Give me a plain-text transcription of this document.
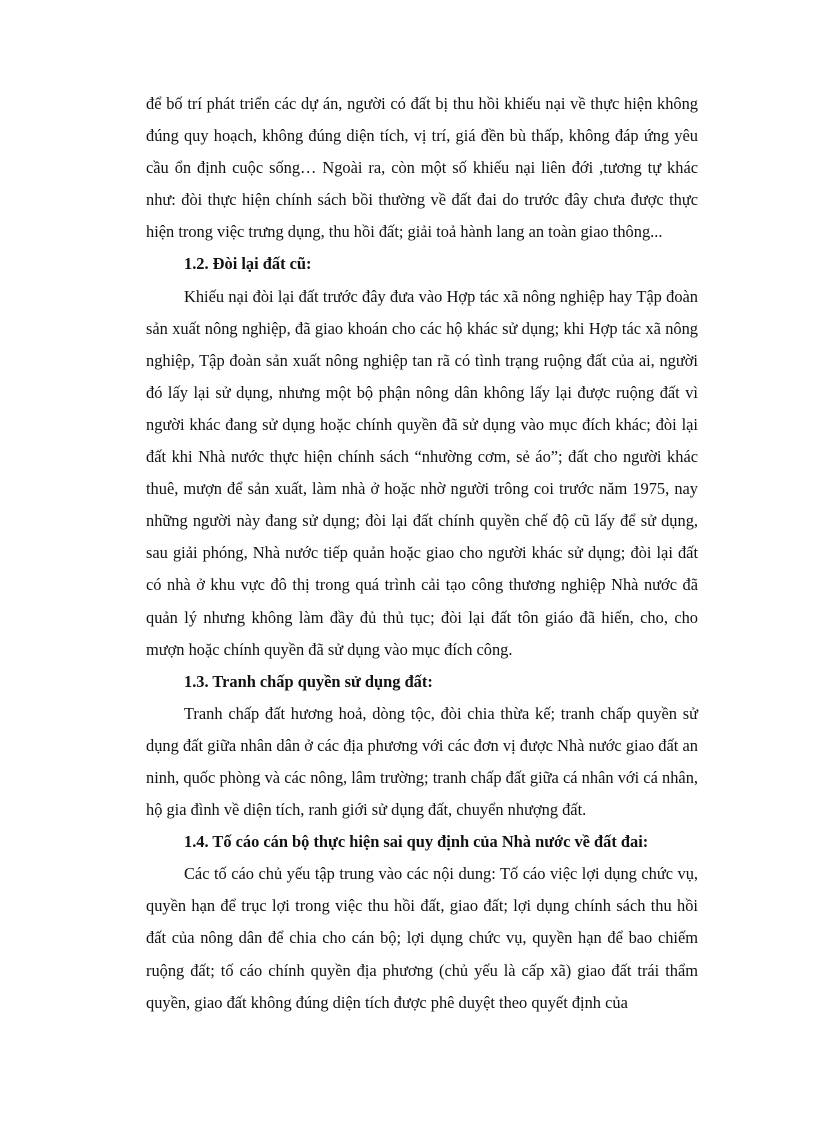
để bố trí phát triển các dự án, người có đất bị thu hồi khiếu nại về thực hiện không đúng quy hoạch, không đúng diện tích, vị trí, giá đền bù thấp, không đáp ứng yêu cầu ổn định cuộc sống… Ngoài ra, còn một số khiếu nại liên đới ,tương tự khác như: đòi thực hiện chính sách bồi thường về đất đai do trước đây chưa được thực hiện trong việc trưng dụng, thu hồi đất; giải toả hành lang an toàn giao thông...

1.2. Đòi lại đất cũ:

Khiếu nại đòi lại đất trước đây đưa vào Hợp tác xã nông nghiệp hay Tập đoàn sản xuất nông nghiệp, đã giao khoán cho các hộ khác sử dụng; khi Hợp tác xã nông nghiệp, Tập đoàn sản xuất nông nghiệp tan rã có tình trạng ruộng đất của ai, người đó lấy lại sử dụng, nhưng một bộ phận nông dân không lấy lại được ruộng đất vì người khác đang sử dụng hoặc chính quyền đã sử dụng vào mục đích khác; đòi lại đất khi Nhà nước thực hiện chính sách “nhường cơm, sẻ áo”; đất cho người khác thuê, mượn để sản xuất, làm nhà ở hoặc nhờ người trông coi trước năm 1975, nay những người này đang sử dụng; đòi lại đất chính quyền chế độ cũ lấy để sử dụng, sau giải phóng, Nhà nước tiếp quản hoặc giao cho người khác sử dụng; đòi lại đất có nhà ở khu vực đô thị trong quá trình cải tạo công thương nghiệp Nhà nước đã quản lý nhưng không làm đầy đủ thủ tục; đòi lại đất tôn giáo đã hiến, cho, cho mượn hoặc chính quyền đã sử dụng vào mục đích công.

1.3. Tranh chấp quyền sử dụng đất:

Tranh chấp đất hương hoả, dòng tộc, đòi chia thừa kế; tranh chấp quyền sử dụng đất giữa nhân dân ở các địa phương với các đơn vị được Nhà nước giao đất an ninh, quốc phòng và các nông, lâm trường; tranh chấp đất giữa cá nhân với cá nhân, hộ gia đình về diện tích, ranh giới sử dụng đất, chuyển nhượng đất.

1.4. Tố cáo cán bộ thực hiện sai quy định của Nhà nước về đất đai:

Các tố cáo chủ yếu tập trung vào các nội dung: Tố cáo việc lợi dụng chức vụ, quyền hạn để trục lợi trong việc thu hồi đất, giao đất; lợi dụng chính sách thu hồi đất của nông dân để chia cho cán bộ; lợi dụng chức vụ, quyền hạn để bao chiếm ruộng đất; tố cáo chính quyền địa phương (chủ yếu là cấp xã) giao đất trái thẩm quyền, giao đất không đúng diện tích được phê duyệt theo quyết định của
